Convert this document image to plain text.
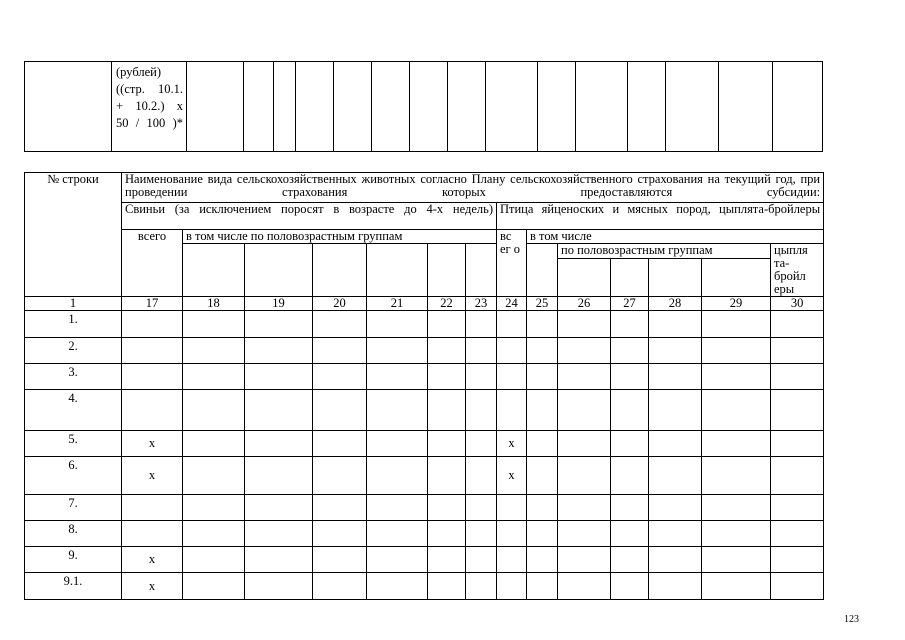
(рублей)
((стр. 10.1.
+ 10.2.) х
50 / 100 )*

№ строки	Наименование вида сельскохозяйственных животных согласно Плану сельскохозяйственного страхования на текущий год, при проведении страхования которых предоставляются субсидии:													
	Свиньи (за исключением поросят в возрасте до 4-х недель)							Птица яйценоских и мясных пород, цыплята-бройлеры						
	всего	в том числе по половозрастным группам						вс ег о	в том числе					
										по половозрастным группам				цыпля та- бройл еры

1	17	18	19	20	21	22	23	24	25	26	27	28	29	30
1.														
2.														
3.														
4.														
5.	х							х						
6.	х							х						
7.														
8.														
9.	х													
9.1.	х													
123
